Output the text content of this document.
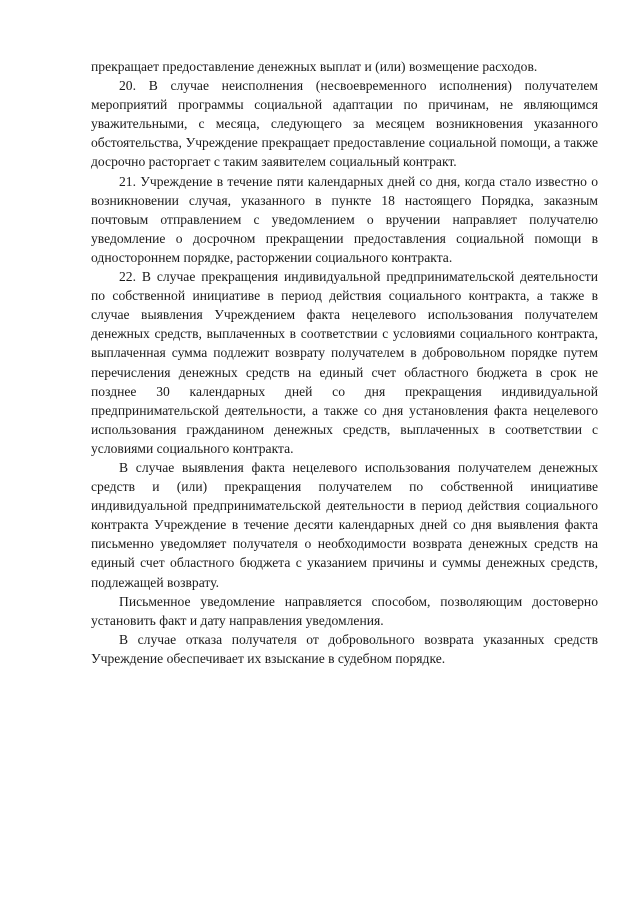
прекращает предоставление денежных выплат и (или) возмещение расходов.

20. В случае неисполнения (несвоевременного исполнения) получателем мероприятий программы социальной адаптации по причинам, не являющимся уважительными, с месяца, следующего за месяцем возникновения указанного обстоятельства, Учреждение прекращает предоставление социальной помощи, а также досрочно расторгает с таким заявителем социальный контракт.

21. Учреждение в течение пяти календарных дней со дня, когда стало известно о возникновении случая, указанного в пункте 18 настоящего Порядка, заказным почтовым отправлением с уведомлением о вручении направляет получателю уведомление о досрочном прекращении предоставления социальной помощи в одностороннем порядке, расторжении социального контракта.

22. В случае прекращения индивидуальной предпринимательской деятельности по собственной инициативе в период действия социального контракта, а также в случае выявления Учреждением факта нецелевого использования получателем денежных средств, выплаченных в соответствии с условиями социального контракта, выплаченная сумма подлежит возврату получателем в добровольном порядке путем перечисления денежных средств на единый счет областного бюджета в срок не позднее 30 календарных дней со дня прекращения индивидуальной предпринимательской деятельности, а также со дня установления факта нецелевого использования гражданином денежных средств, выплаченных в соответствии с условиями социального контракта.

В случае выявления факта нецелевого использования получателем денежных средств и (или) прекращения получателем по собственной инициативе индивидуальной предпринимательской деятельности в период действия социального контракта Учреждение в течение десяти календарных дней со дня выявления факта письменно уведомляет получателя о необходимости возврата денежных средств на единый счет областного бюджета с указанием причины и суммы денежных средств, подлежащей возврату.

Письменное уведомление направляется способом, позволяющим достоверно установить факт и дату направления уведомления.

В случае отказа получателя от добровольного возврата указанных средств Учреждение обеспечивает их взыскание в судебном порядке.
